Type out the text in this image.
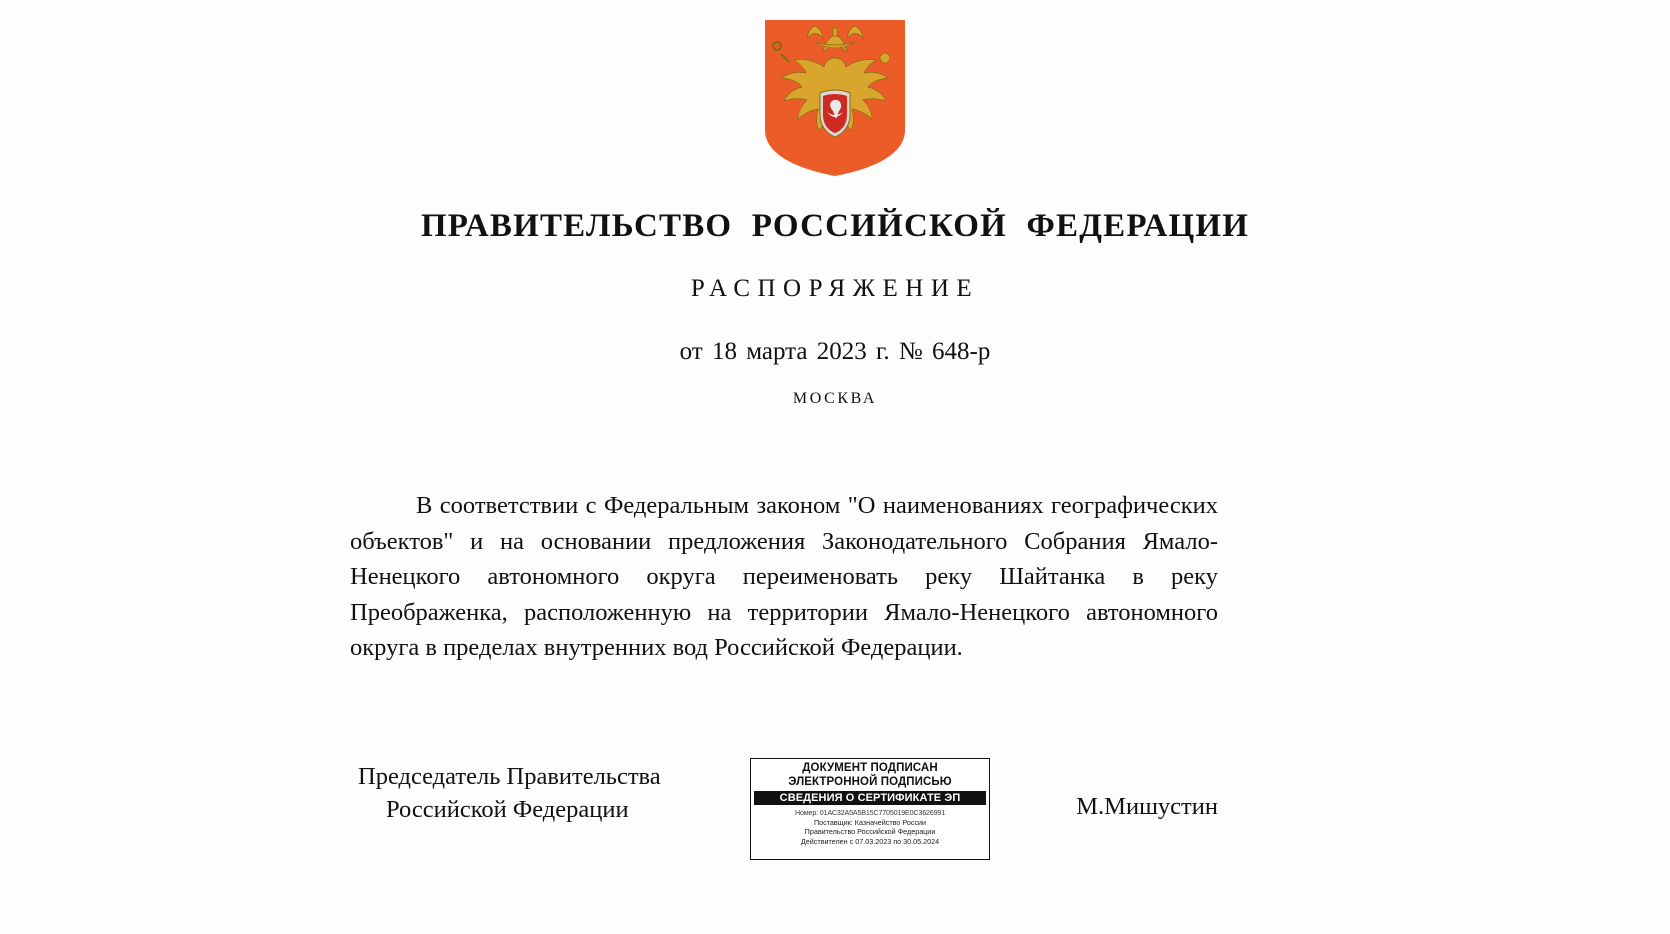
ПРАВИТЕЛЬСТВО РОССИЙСКОЙ ФЕДЕРАЦИИ
РАСПОРЯЖЕНИЕ
от 18 марта 2023 г. № 648-р
МОСКВА
В соответствии с Федеральным законом "О наименованиях географических объектов" и на основании предложения Законодательного Собрания Ямало-Ненецкого автономного округа переименовать реку Шайтанка в реку Преображенка, расположенную на территории Ямало-Ненецкого автономного округа в пределах внутренних вод Российской Федерации.
Председатель Правительства
Российской Федерации	М.Мишустин
ДОКУМЕНТ ПОДПИСАН
ЭЛЕКТРОННОЙ ПОДПИСЬЮ
СВЕДЕНИЯ О СЕРТИФИКАТЕ ЭП
Номер: 01AC32A5A5B15C7705019E0C3626991
Поставщик: Казначейство России
Правительство Российской Федерации
Действителен с 07.03.2023 по 30.05.2024
